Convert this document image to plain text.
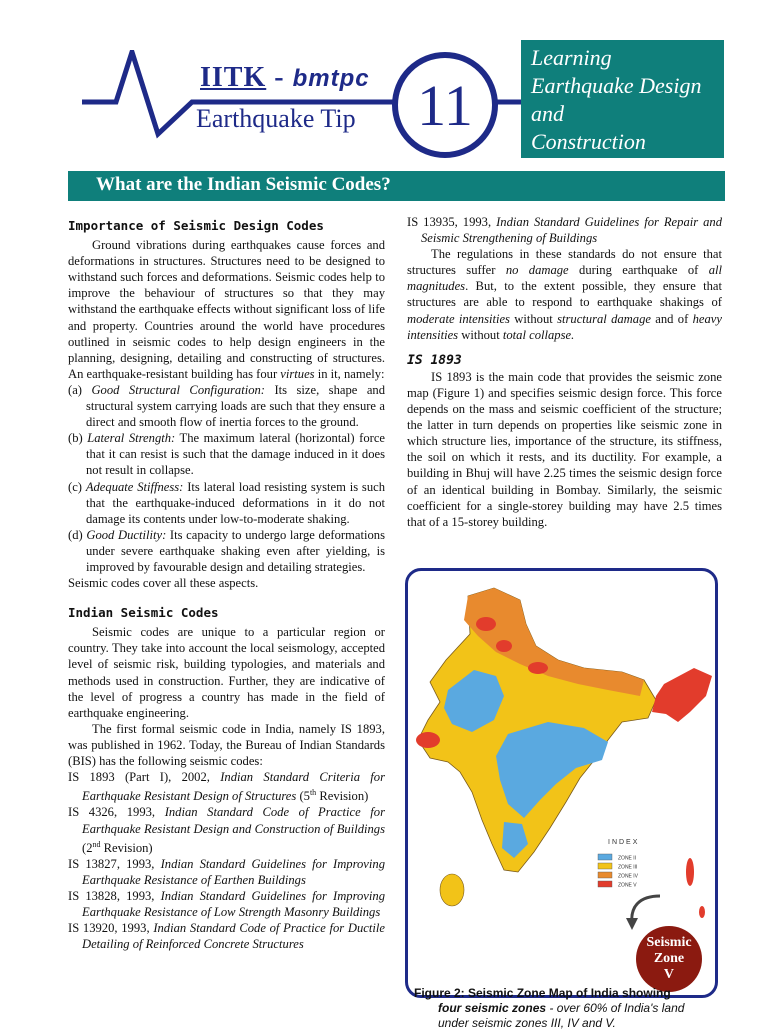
IITK - bmtpc
Earthquake Tip	11
Learning
Earthquake Design
and
Construction
What are the Indian Seismic Codes?
Importance of Seismic Design Codes

Ground vibrations during earthquakes cause forces and deformations in structures. Structures need to be designed to withstand such forces and deformations. Seismic codes help to improve the behaviour of structures so that they may withstand the earthquake effects without significant loss of life and property. Countries around the world have procedures outlined in seismic codes to help design engineers in the planning, designing, detailing and constructing of structures. An earthquake-resistant building has four virtues in it, namely:

(a) Good Structural Configuration: Its size, shape and structural system carrying loads are such that they ensure a direct and smooth flow of inertia forces to the ground.

(b) Lateral Strength: The maximum lateral (horizontal) force that it can resist is such that the damage induced in it does not result in collapse.

(c) Adequate Stiffness: Its lateral load resisting system is such that the earthquake-induced deformations in it do not damage its contents under low-to-moderate shaking.

(d) Good Ductility: Its capacity to undergo large deformations under severe earthquake shaking even after yielding, is improved by favourable design and detailing strategies.

Seismic codes cover all these aspects.

Indian Seismic Codes

Seismic codes are unique to a particular region or country. They take into account the local seismology, accepted level of seismic risk, building typologies, and materials and methods used in construction. Further, they are indicative of the level of progress a country has made in the field of earthquake engineering.

The first formal seismic code in India, namely IS 1893, was published in 1962. Today, the Bureau of Indian Standards (BIS) has the following seismic codes:

IS 1893 (Part I), 2002, Indian Standard Criteria for Earthquake Resistant Design of Structures (5th Revision)

IS 4326, 1993, Indian Standard Code of Practice for Earthquake Resistant Design and Construction of Buildings (2nd Revision)

IS 13827, 1993, Indian Standard Guidelines for Improving Earthquake Resistance of Earthen Buildings

IS 13828, 1993, Indian Standard Guidelines for Improving Earthquake Resistance of Low Strength Masonry Buildings

IS 13920, 1993, Indian Standard Code of Practice for Ductile Detailing of Reinforced Concrete Structures

IS 13935, 1993, Indian Standard Guidelines for Repair and Seismic Strengthening of Buildings

The regulations in these standards do not ensure that structures suffer no damage during earthquake of all magnitudes. But, to the extent possible, they ensure that structures are able to respond to earthquake shakings of moderate intensities without structural damage and of heavy intensities without total collapse.

IS 1893

IS 1893 is the main code that provides the seismic zone map (Figure 1) and specifies seismic design force. This force depends on the mass and seismic coefficient of the structure; the latter in turn depends on properties like seismic zone in which structure lies, importance of the structure, its stiffness, the soil on which it rests, and its ductility. For example, a building in Bhuj will have 2.25 times the seismic design force of an identical building in Bombay. Similarly, the seismic coefficient for a single-storey building may have 2.5 times that of a 15-storey building.

INDEX
ZONE II
ZONE III
ZONE IV
ZONE V
Seismic
Zone
V
Figure 2: Seismic Zone Map of India showing
four seismic zones - over 60% of India's land
under seismic zones III, IV and V.
